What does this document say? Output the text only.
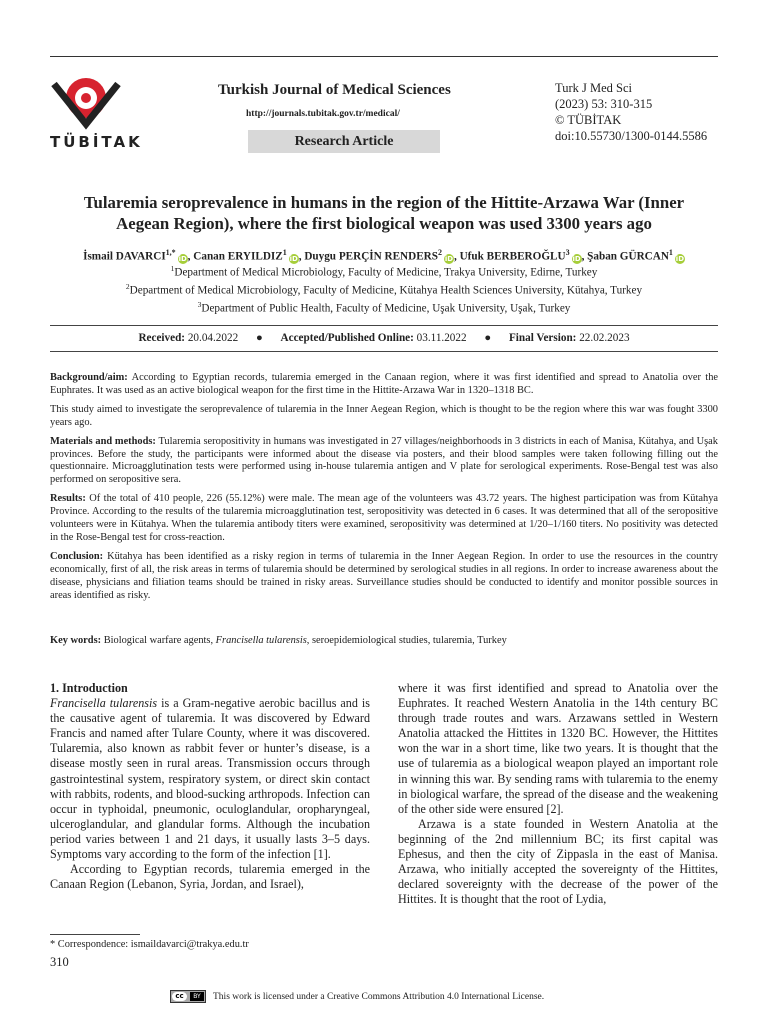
TÜBİTAK
Turkish Journal of Medical Sciences
http://journals.tubitak.gov.tr/medical/
Research Article
Turk J Med Sci
(2023) 53: 310-315
© TÜBİTAK
doi:10.55730/1300-0144.5586
Tularemia seroprevalence in humans in the region of the Hittite-Arzawa War (Inner
Aegean Region), where the first biological weapon was used 3300 years ago
İsmail $DAVARCI^{1,*}iD$, Canan ERYILDIZ$^1$iD, Duygu PERÇİN RENDERS$^2$iD, Ufuk BERBEROĞLU$^3$iD, Şaban GÜRCAN$^1$iD
$^1$Department of Medical Microbiology, Faculty of Medicine, Trakya University, Edirne, Turkey
$^2$Department of Medical Microbiology, Faculty of Medicine, Kütahya Health Sciences University, Kütahya, Turkey
$^3$Department of Public Health, Faculty of Medicine, Uşak University, Uşak, Turkey
Received: 20.04.2022 ● Accepted/Published Online: 03.11.2022 ● Final Version: 22.02.2023

Background/aim: According to Egyptian records, tularemia emerged in the Canaan region, where it was first identified and spread to Anatolia over the Euphrates. It was used as an active biological weapon for the first time in the Hittite-Arzawa War in 1320–1318 BC.

This study aimed to investigate the seroprevalence of tularemia in the Inner Aegean Region, which is thought to be the region where this war was fought 3300 years ago.

Materials and methods: Tularemia seropositivity in humans was investigated in 27 villages/neighborhoods in 3 districts in each of Manisa, Kütahya, and Uşak provinces. Before the study, the participants were informed about the disease via posters, and their blood samples were taken following filling out the questionnaire. Microagglutination tests were performed using in-house tularemia antigen and V plate for serological experiments. Rose-Bengal test was also performed on seropositive sera.

Results: Of the total of 410 people, 226 (55.12%) were male. The mean age of the volunteers was 43.72 years. The highest participation was from Kütahya Province. According to the results of the tularemia microagglutination test, seropositivity was detected in 6 cases. It was determined that all of the seropositive volunteers were in Kütahya. When the tularemia antibody titers were examined, seropositivity was determined at 1/20–1/160 titers. No positivity was detected in the Rose-Bengal test for cross-reaction.

Conclusion: Kütahya has been identified as a risky region in terms of tularemia in the Inner Aegean Region. In order to use the resources in the country economically, first of all, the risk areas in terms of tularemia should be determined by serological studies in all regions. In order to increase awareness about the disease, physicians and filiation teams should be trained in risky areas. Surveillance studies should be conducted to identify and monitor possible sources in areas identified as risky.

Key words: Biological warfare agents, Francisella tularensis, seroepidemiological studies, tularemia, Turkey
1. Introduction

Francisella tularensis is a Gram-negative aerobic bacillus and is the causative agent of tularemia. It was discovered by Edward Francis and named after Tulare County, where it was discovered. Tularemia, also known as rabbit fever or hunter’s disease, is a disease mostly seen in rural areas. Transmission occurs through gastrointestinal system, respiratory system, or direct skin contact with rabbits, rodents, and blood-sucking arthropods. Infection can occur in typhoidal, pneumonic, oculoglandular, oropharyngeal, ulceroglandular, and glandular forms. Although the incubation period varies between 1 and 21 days, it usually lasts 3–5 days. Symptoms vary according to the form of the infection [1].

According to Egyptian records, tularemia emerged in the Canaan Region (Lebanon, Syria, Jordan, and Israel),

where it was first identified and spread to Anatolia over the Euphrates. It reached Western Anatolia in the 14th century BC through trade routes and wars. Arzawans settled in Western Anatolia attacked the Hittites in 1320 BC. However, the Hittites won the war in a short time, like two years. It is thought that the use of tularemia as a biological weapon played an important role in winning this war. By sending rams with tularemia to the enemy in biological warfare, the spread of the disease and the weakening of the other side were ensured [2].

Arzawa is a state founded in Western Anatolia at the beginning of the 2nd millennium BC; its first capital was Ephesus, and then the city of Zippasla in the east of Manisa. Arzawa, who initially accepted the sovereignty of the Hittites, declared sovereignty with the decrease of the power of the Hittites. It is thought that the root of Lydia,

* Correspondence: ismaildavarci@trakya.edu.tr
310
cc	BY	This work is licensed under a Creative Commons Attribution 4.0 International License.
